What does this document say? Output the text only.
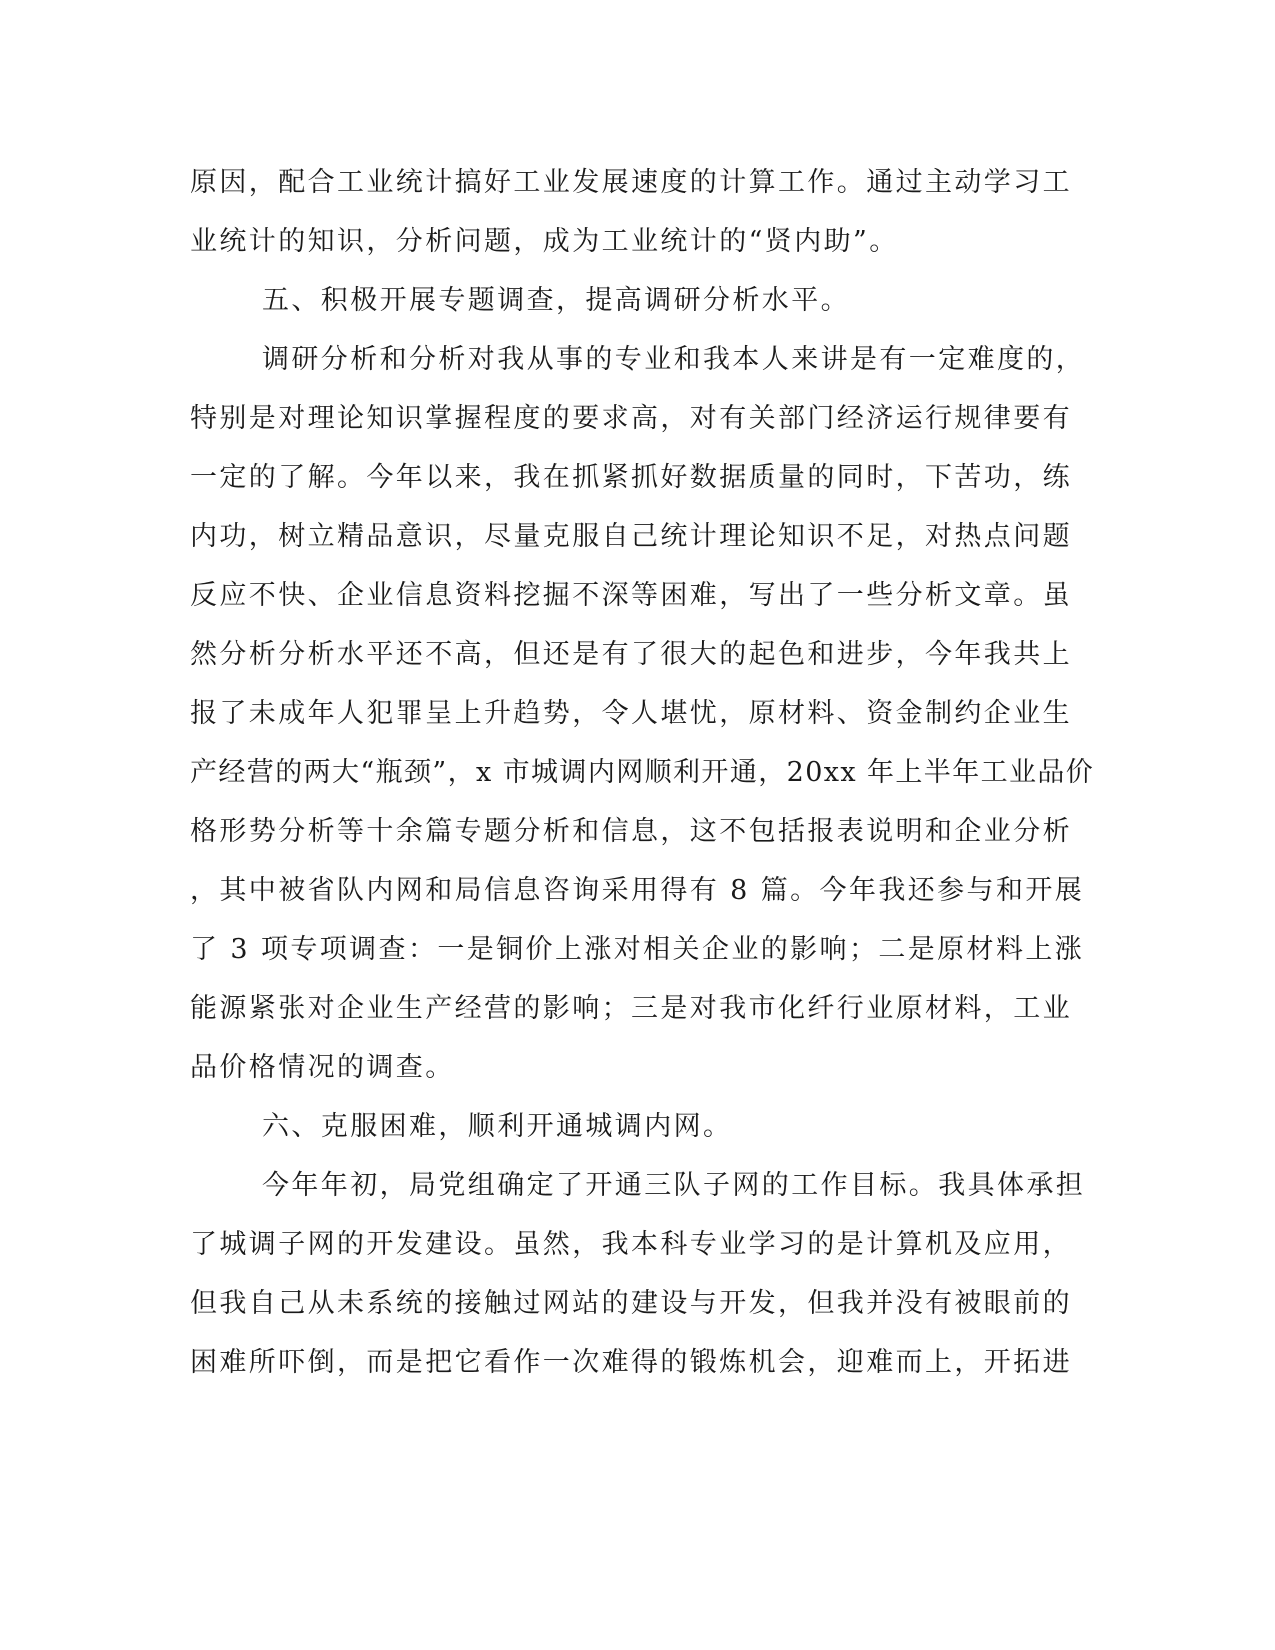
原因，配合工业统计搞好工业发展速度的计算工作。通过主动学习工
业统计的知识，分析问题，成为工业统计的“贤内助”。
五、积极开展专题调查，提高调研分析水平。
调研分析和分析对我从事的专业和我本人来讲是有一定难度的，
特别是对理论知识掌握程度的要求高，对有关部门经济运行规律要有
一定的了解。今年以来，我在抓紧抓好数据质量的同时，下苦功，练
内功，树立精品意识，尽量克服自己统计理论知识不足，对热点问题
反应不快、企业信息资料挖掘不深等困难，写出了一些分析文章。虽
然分析分析水平还不高，但还是有了很大的起色和进步，今年我共上
报了未成年人犯罪呈上升趋势，令人堪忧，原材料、资金制约企业生
产经营的两大“瓶颈”，x 市城调内网顺利开通，20xx 年上半年工业品价
格形势分析等十余篇专题分析和信息，这不包括报表说明和企业分析
，其中被省队内网和局信息咨询采用得有 8 篇。今年我还参与和开展
了 3 项专项调查：一是铜价上涨对相关企业的影响；二是原材料上涨
能源紧张对企业生产经营的影响；三是对我市化纤行业原材料，工业
品价格情况的调查。
六、克服困难，顺利开通城调内网。
今年年初，局党组确定了开通三队子网的工作目标。我具体承担
了城调子网的开发建设。虽然，我本科专业学习的是计算机及应用，
但我自己从未系统的接触过网站的建设与开发，但我并没有被眼前的
困难所吓倒，而是把它看作一次难得的锻炼机会，迎难而上，开拓进
